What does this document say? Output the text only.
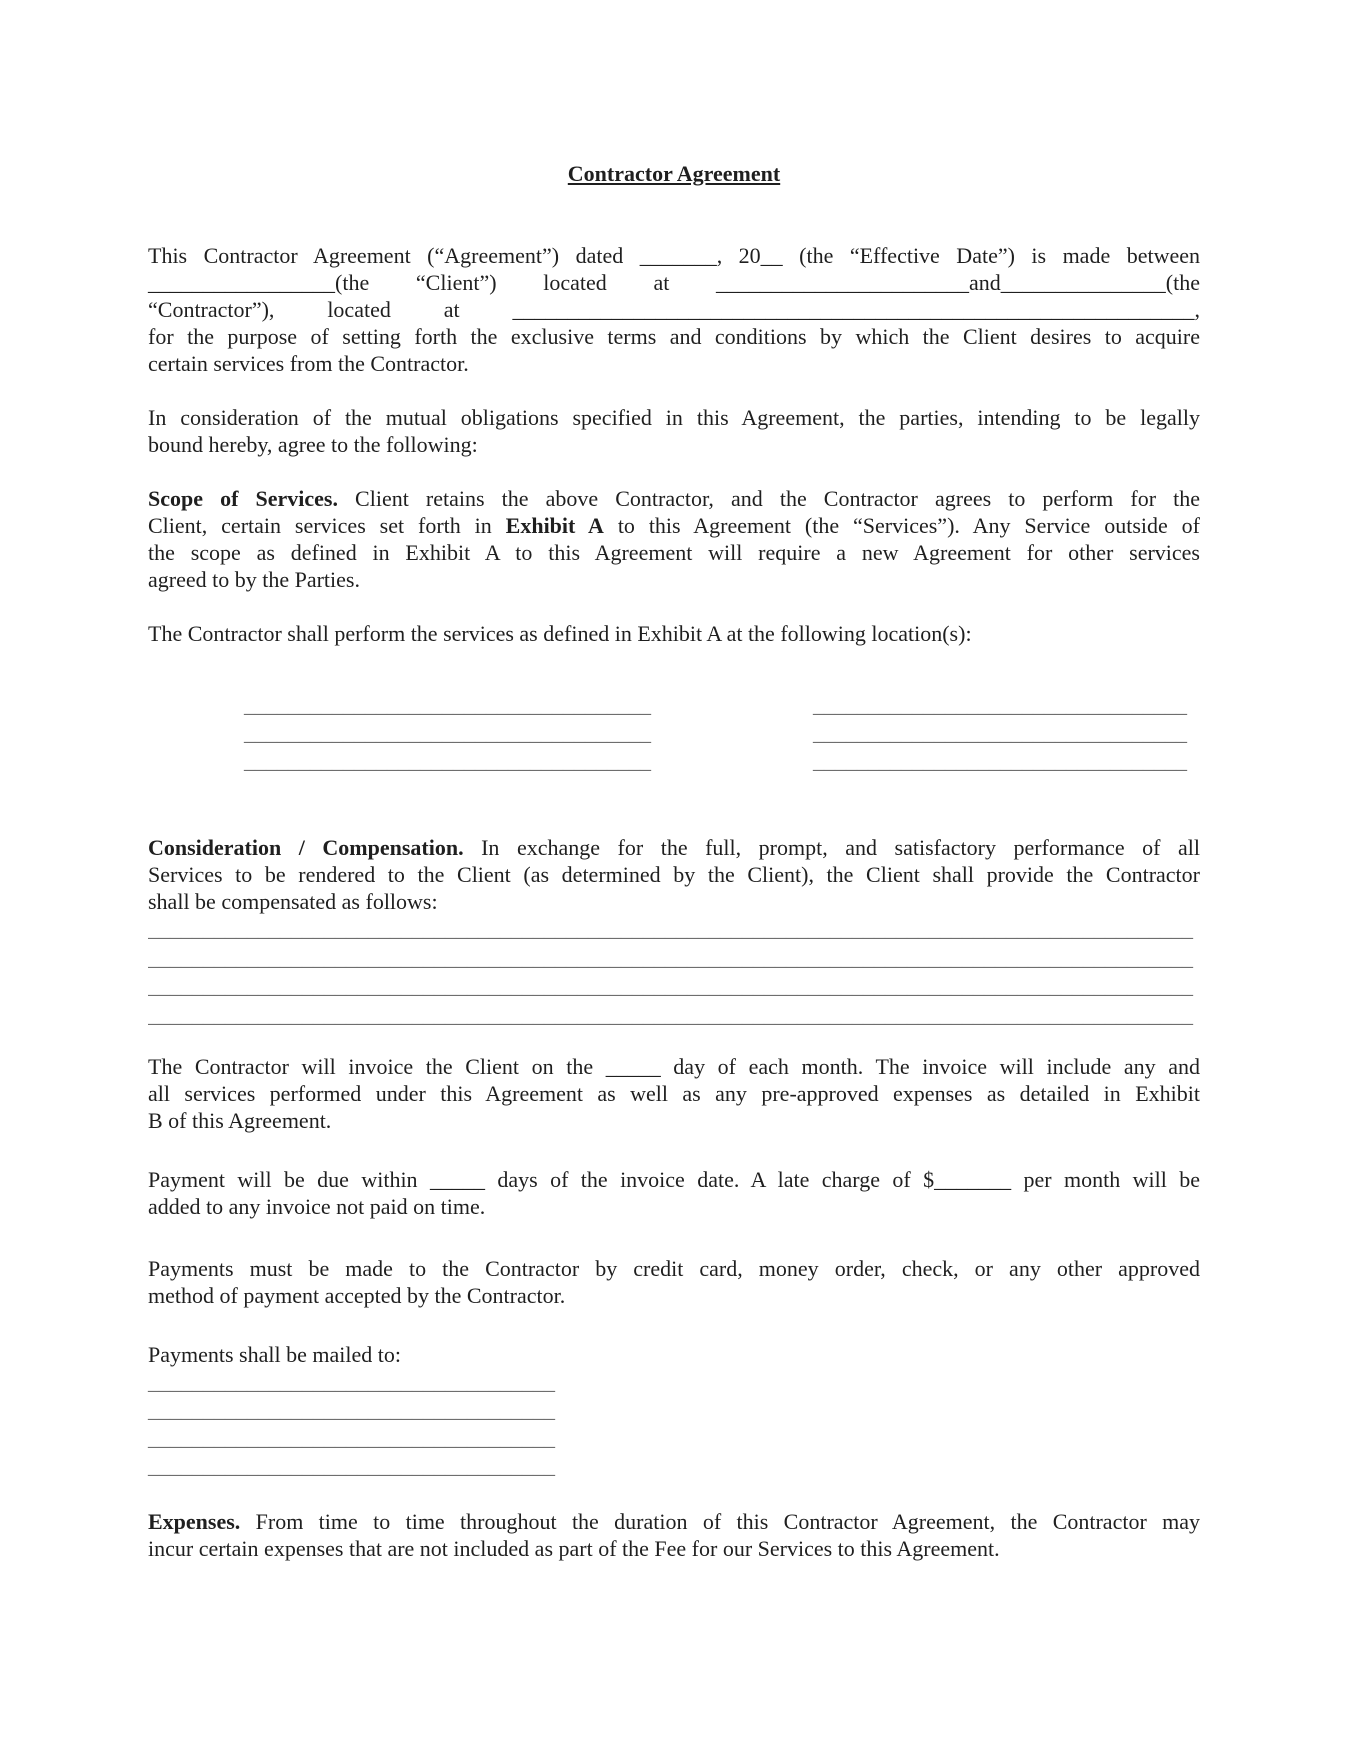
Contractor Agreement
This Contractor Agreement (“Agreement”) dated _______, 20__ (the “Effective Date”) is made between
_________________(the “Client”) located at _______________________and_______________(the
“Contractor”), located at ______________________________________________________________,
for the purpose of setting forth the exclusive terms and conditions by which the Client desires to acquire
certain services from the Contractor.
In consideration of the mutual obligations specified in this Agreement, the parties, intending to be legally
bound hereby, agree to the following:
Scope of Services. Client retains the above Contractor, and the Contractor agrees to perform for the
Client, certain services set forth in Exhibit A to this Agreement (the “Services”). Any Service outside of
the scope as defined in Exhibit A to this Agreement will require a new Agreement for other services
agreed to by the Parties.
The Contractor shall perform the services as defined in Exhibit A at the following location(s):
_____________________________________	__________________________________
_____________________________________	__________________________________
_____________________________________	__________________________________
Consideration / Compensation. In exchange for the full, prompt, and satisfactory performance of all
Services to be rendered to the Client (as determined by the Client), the Client shall provide the Contractor
shall be compensated as follows:
_______________________________________________________________________________________________
_______________________________________________________________________________________________
_______________________________________________________________________________________________
_______________________________________________________________________________________________
The Contractor will invoice the Client on the _____ day of each month. The invoice will include any and
all services performed under this Agreement as well as any pre-approved expenses as detailed in Exhibit
B of this Agreement.
Payment will be due within _____ days of the invoice date. A late charge of $_______ per month will be
added to any invoice not paid on time.
Payments must be made to the Contractor by credit card, money order, check, or any other approved
method of payment accepted by the Contractor.
Payments shall be mailed to:
_____________________________________
_____________________________________
_____________________________________
_____________________________________
Expenses. From time to time throughout the duration of this Contractor Agreement, the Contractor may
incur certain expenses that are not included as part of the Fee for our Services to this Agreement.
